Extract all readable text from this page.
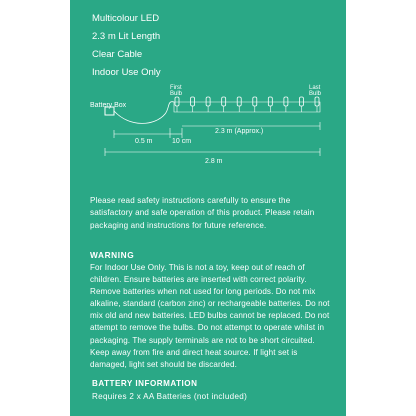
Multicolour LED
2.3 m Lit Length
Clear Cable
Indoor Use Only
Battery Box
First
Bulb
Last
Bulb
0.5 m	10 cm
2.3 m (Approx.)
2.8 m

Please read safety instructions carefully to ensure the satisfactory and safe operation of this product. Please retain packaging and instructions for future reference.

WARNING

For Indoor Use Only. This is not a toy, keep out of reach of children. Ensure batteries are inserted with correct polarity. Remove batteries when not used for long periods. Do not mix alkaline, standard (carbon zinc) or rechargeable batteries. Do not mix old and new batteries. LED bulbs cannot be replaced. Do not attempt to remove the bulbs. Do not attempt to operate whilst in packaging. The supply terminals are not to be short circuited. Keep away from fire and direct heat source. If light set is damaged, light set should be discarded.

BATTERY INFORMATION

Requires 2 x AA Batteries (not included)
